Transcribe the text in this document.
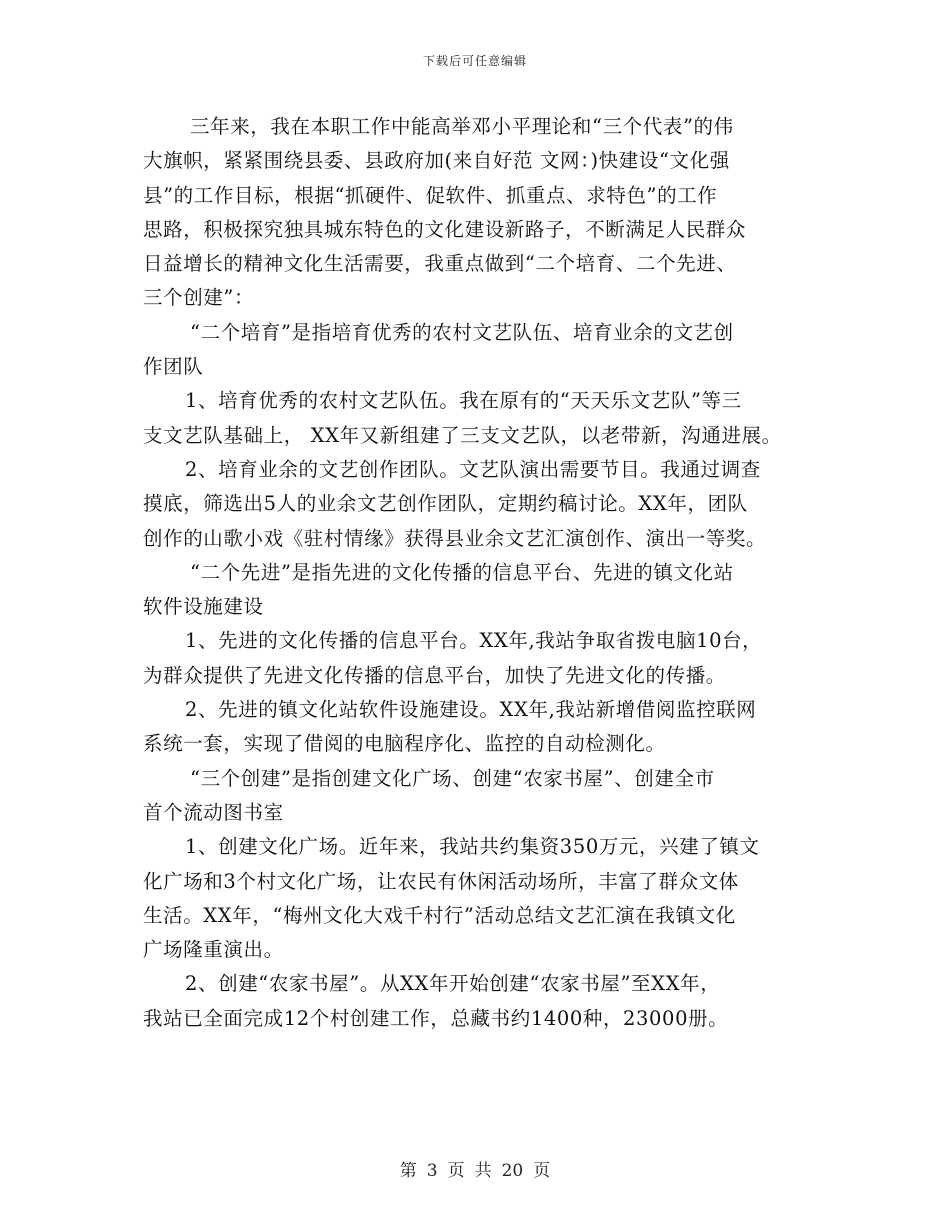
下载后可任意编辑
三年来，我在本职工作中能高举邓小平理论和“三个代表”的伟
大旗帜，紧紧围绕县委、县政府加(来自好范 文网：)快建设“文化强
县”的工作目标，根据“抓硬件、促软件、抓重点、求特色”的工作
思路，积极探究独具城东特色的文化建设新路子，不断满足人民群众
日益增长的精神文化生活需要，我重点做到“二个培育、二个先进、
三个创建”：
“二个培育”是指培育优秀的农村文艺队伍、培育业余的文艺创
作团队
1、培育优秀的农村文艺队伍。我在原有的“天天乐文艺队”等三
支文艺队基础上， XX年又新组建了三支文艺队，以老带新，沟通进展。
2、培育业余的文艺创作团队。文艺队演出需要节目。我通过调查
摸底，筛选出5人的业余文艺创作团队，定期约稿讨论。XX年，团队
创作的山歌小戏《驻村情缘》获得县业余文艺汇演创作、演出一等奖。
“二个先进”是指先进的文化传播的信息平台、先进的镇文化站
软件设施建设
1、先进的文化传播的信息平台。XX年,我站争取省拨电脑10台，
为群众提供了先进文化传播的信息平台，加快了先进文化的传播。
2、先进的镇文化站软件设施建设。XX年,我站新增借阅监控联网
系统一套，实现了借阅的电脑程序化、监控的自动检测化。
“三个创建”是指创建文化广场、创建“农家书屋”、创建全市
首个流动图书室
1、创建文化广场。近年来，我站共约集资350万元，兴建了镇文
化广场和3个村文化广场，让农民有休闲活动场所，丰富了群众文体
生活。XX年，“梅州文化大戏千村行”活动总结文艺汇演在我镇文化
广场隆重演出。
2、创建“农家书屋”。从XX年开始创建“农家书屋”至XX年，
我站已全面完成12个村创建工作，总藏书约1400种，23000册。
第 3 页 共 20 页
